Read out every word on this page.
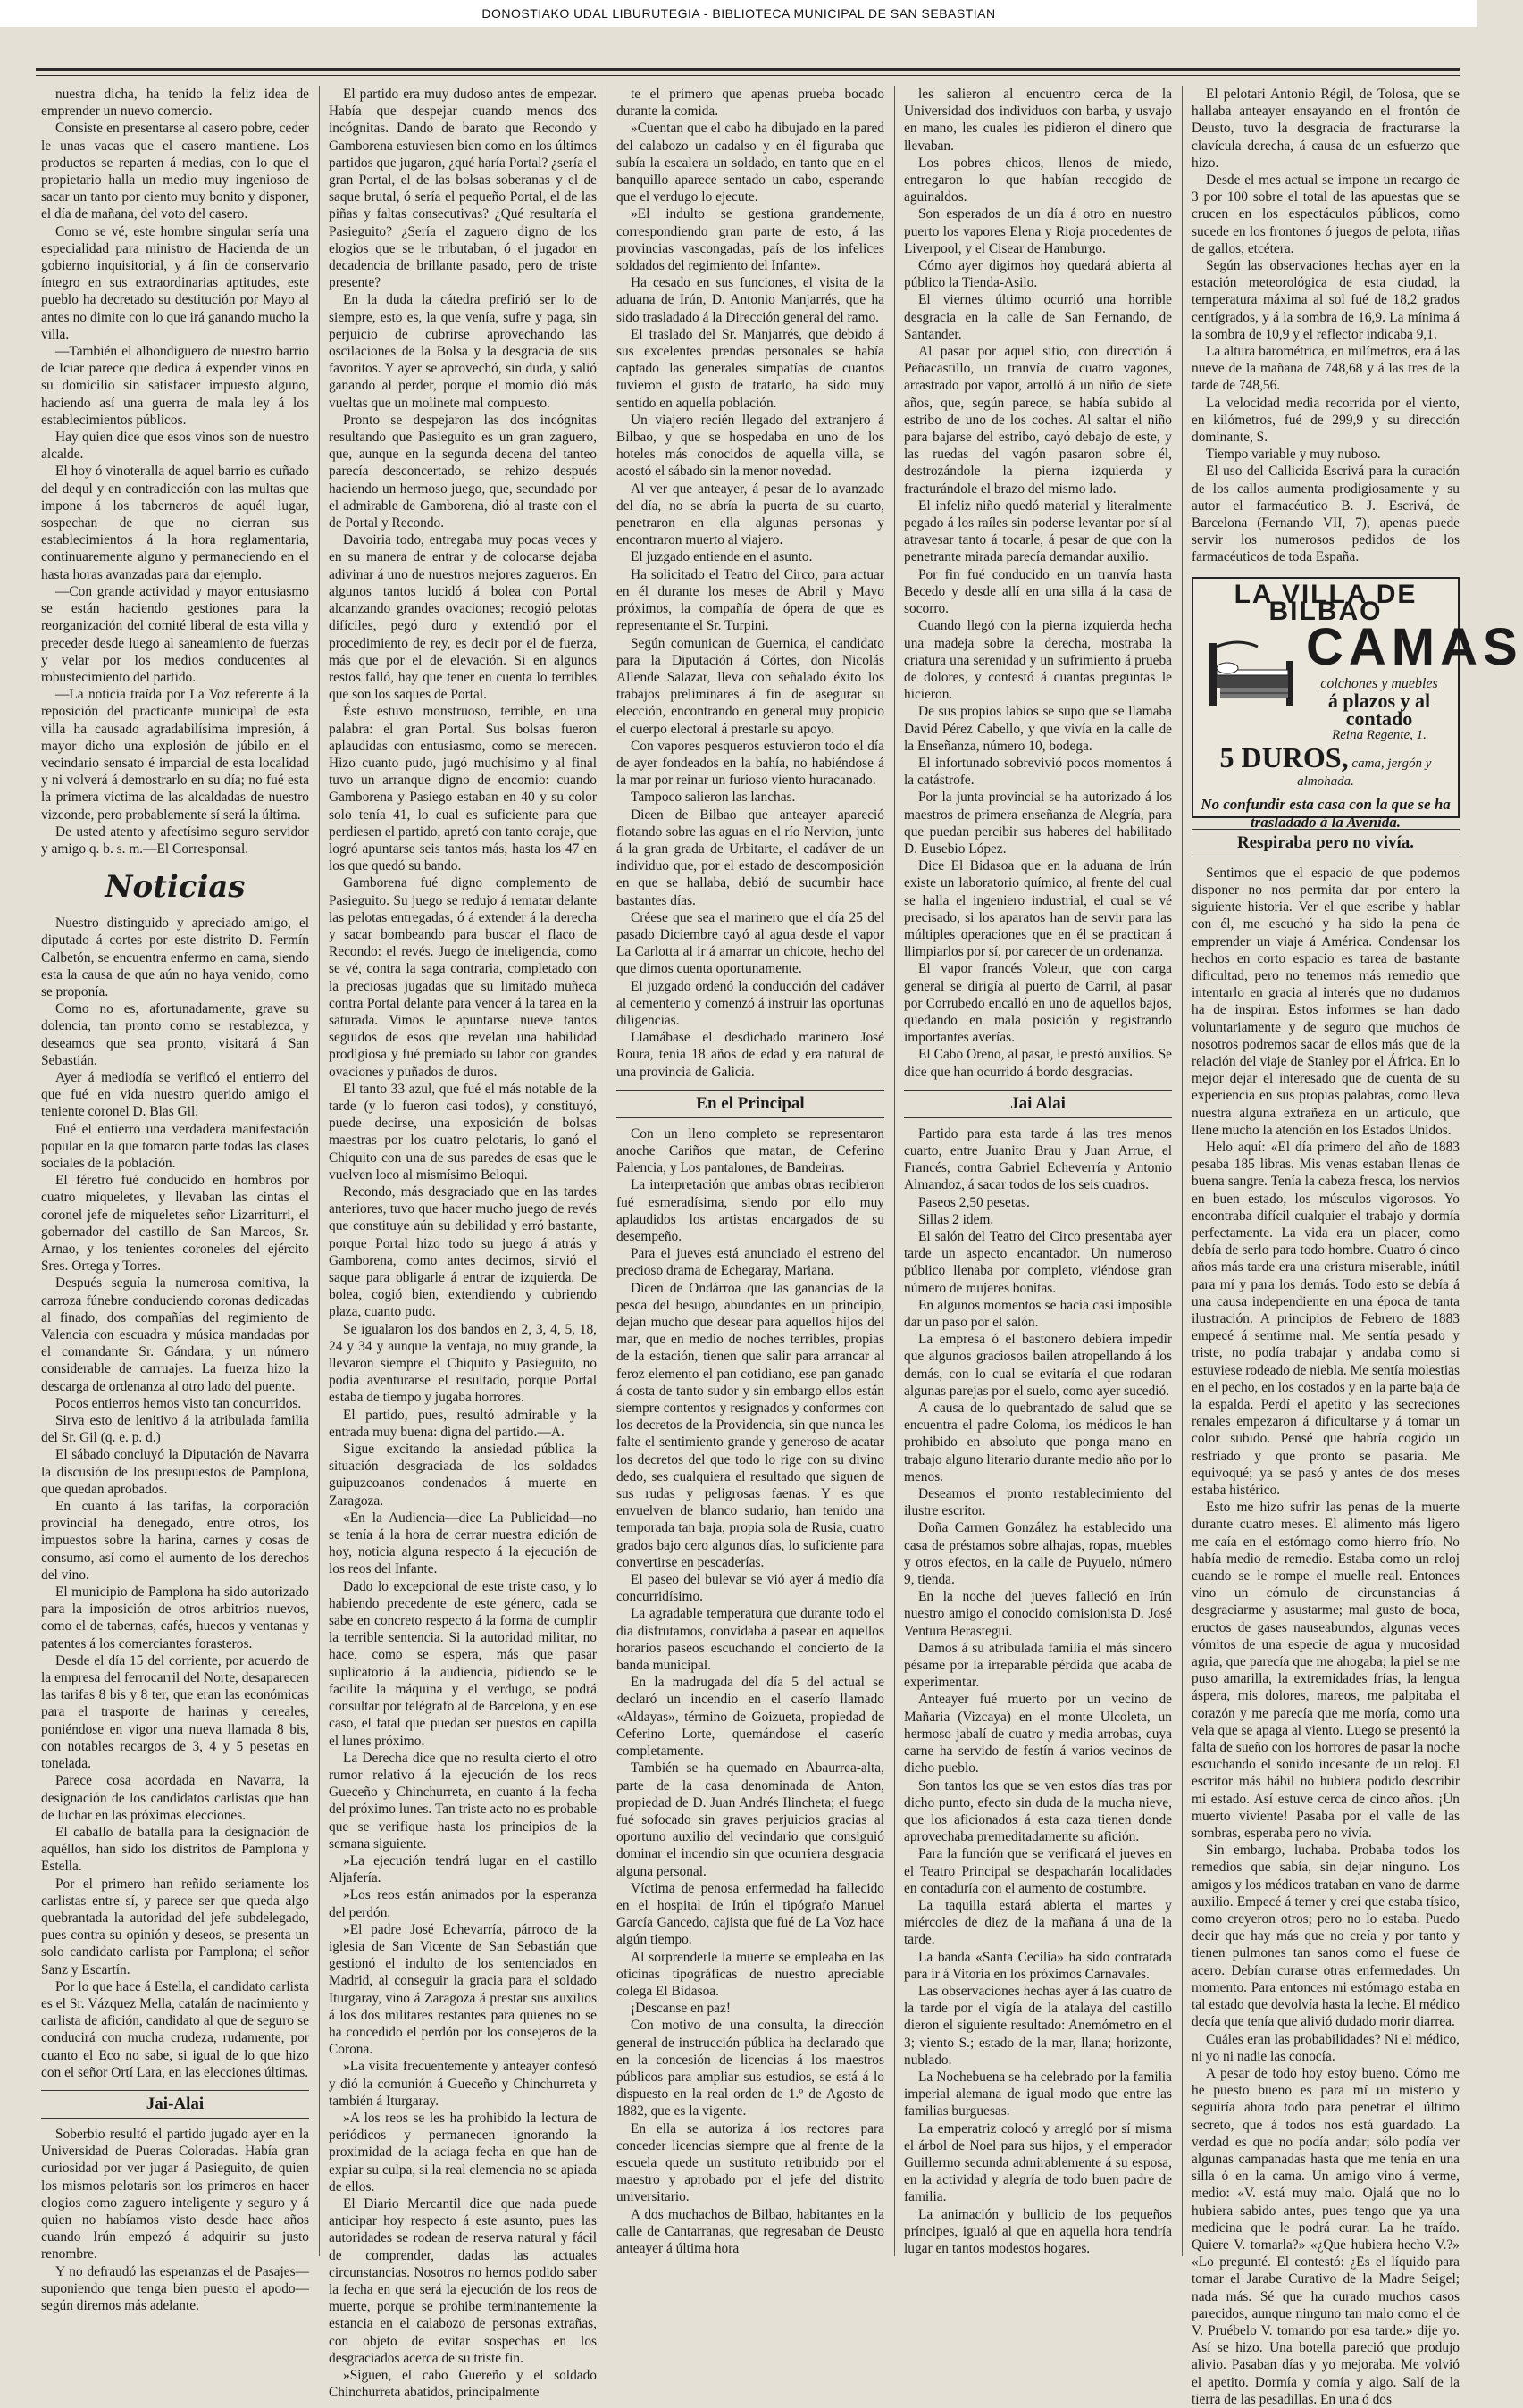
DONOSTIAKO UDAL LIBURUTEGIA - BIBLIOTECA MUNICIPAL DE SAN SEBASTIAN

nuestra dicha, ha tenido la feliz idea de emprender un nuevo comercio.

Consiste en presentarse al casero pobre, ceder le unas vacas que el casero mantiene. Los productos se reparten á medias, con lo que el propietario halla un medio muy ingenioso de sacar un tanto por ciento muy bonito y disponer, el día de mañana, del voto del casero.

Como se vé, este hombre singular sería una especialidad para ministro de Hacienda de un gobierno inquisitorial, y á fin de conservario íntegro en sus extraordinarias aptitudes, este pueblo ha decretado su destitución por Mayo al antes no dimite con lo que irá ganando mucho la villa.

—También el alhondiguero de nuestro barrio de Iciar parece que dedica á expender vinos en su domicilio sin satisfacer impuesto alguno, haciendo así una guerra de mala ley á los establecimientos públicos.

Hay quien dice que esos vinos son de nuestro alcalde.

El hoy ó vinoteralla de aquel barrio es cuñado del dequl y en contradicción con las multas que impone á los taberneros de aquél lugar, sospechan de que no cierran sus establecimientos á la hora reglamentaria, continuaremente alguno y permaneciendo en el hasta horas avanzadas para dar ejemplo.

—Con grande actividad y mayor entusiasmo se están haciendo gestiones para la reorganización del comité liberal de esta villa y preceder desde luego al saneamiento de fuerzas y velar por los medios conducentes al robustecimiento del partido.

—La noticia traída por La Voz referente á la reposición del practicante municipal de esta villa ha causado agradabilísima impresión, á mayor dicho una explosión de júbilo en el vecindario sensato é imparcial de esta localidad y ni volverá á demostrarlo en su día; no fué esta la primera victima de las alcaldadas de nuestro vizconde, pero probablemente sí será la última.

De usted atento y afectísimo seguro servidor y amigo q. b. s. m.—El Corresponsal.

Noticias

Nuestro distinguido y apreciado amigo, el diputado á cortes por este distrito D. Fermín Calbetón, se encuentra enfermo en cama, siendo esta la causa de que aún no haya venido, como se proponía.

Como no es, afortunadamente, grave su dolencia, tan pronto como se restablezca, y deseamos que sea pronto, visitará á San Sebastián.

Ayer á mediodía se verificó el entierro del que fué en vida nuestro querido amigo el teniente coronel D. Blas Gil.

Fué el entierro una verdadera manifestación popular en la que tomaron parte todas las clases sociales de la población.

El féretro fué conducido en hombros por cuatro miqueletes, y llevaban las cintas el coronel jefe de miqueletes señor Lizarriturri, el gobernador del castillo de San Marcos, Sr. Arnao, y los tenientes coroneles del ejército Sres. Ortega y Torres.

Después seguía la numerosa comitiva, la carroza fúnebre conduciendo coronas dedicadas al finado, dos compañías del regimiento de Valencia con escuadra y música mandadas por el comandante Sr. Gándara, y un número considerable de carruajes. La fuerza hizo la descarga de ordenanza al otro lado del puente.

Pocos entierros hemos visto tan concurridos.

Sirva esto de lenitivo á la atribulada familia del Sr. Gil (q. e. p. d.)

El sábado concluyó la Diputación de Navarra la discusión de los presupuestos de Pamplona, que quedan aprobados.

En cuanto á las tarifas, la corporación provincial ha denegado, entre otros, los impuestos sobre la harina, carnes y cosas de consumo, así como el aumento de los derechos del vino.

El municipio de Pamplona ha sido autorizado para la imposición de otros arbitrios nuevos, como el de tabernas, cafés, huecos y ventanas y patentes á los comerciantes forasteros.

Desde el día 15 del corriente, por acuerdo de la empresa del ferrocarril del Norte, desaparecen las tarifas 8 bis y 8 ter, que eran las económicas para el trasporte de harinas y cereales, poniéndose en vigor una nueva llamada 8 bis, con notables recargos de 3, 4 y 5 pesetas en tonelada.

Parece cosa acordada en Navarra, la designación de los candidatos carlistas que han de luchar en las próximas elecciones.

El caballo de batalla para la designación de aquéllos, han sido los distritos de Pamplona y Estella.

Por el primero han reñido seriamente los carlistas entre sí, y parece ser que queda algo quebrantada la autoridad del jefe subdelegado, pues contra su opinión y deseos, se presenta un solo candidato carlista por Pamplona; el señor Sanz y Escartín.

Por lo que hace á Estella, el candidato carlista es el Sr. Vázquez Mella, catalán de nacimiento y carlista de afición, candidato al que de seguro se conducirá con mucha crudeza, rudamente, por cuanto el Eco no sabe, si igual de lo que hizo con el señor Ortí Lara, en las elecciones últimas.

Jai-Alai

Soberbio resultó el partido jugado ayer en la Universidad de Pueras Coloradas. Había gran curiosidad por ver jugar á Pasieguito, de quien los mismos pelotaris son los primeros en hacer elogios como zaguero inteligente y seguro y á quien no habíamos visto desde hace años cuando Irún empezó á adquirir su justo renombre.

Y no defraudó las esperanzas el de Pasajes—suponiendo que tenga bien puesto el apodo—según diremos más adelante.

El partido era muy dudoso antes de empezar. Había que despejar cuando menos dos incógnitas. Dando de barato que Recondo y Gamborena estuviesen bien como en los últimos partidos que jugaron, ¿qué haría Portal? ¿sería el gran Portal, el de las bolsas soberanas y el de saque brutal, ó sería el pequeño Portal, el de las piñas y faltas consecutivas? ¿Qué resultaría el Pasieguito? ¿Sería el zaguero digno de los elogios que se le tributaban, ó el jugador en decadencia de brillante pasado, pero de triste presente?

En la duda la cátedra prefirió ser lo de siempre, esto es, la que venía, sufre y paga, sin perjuicio de cubrirse aprovechando las oscilaciones de la Bolsa y la desgracia de sus favoritos. Y ayer se aprovechó, sin duda, y salió ganando al perder, porque el momio dió más vueltas que un molinete mal compuesto.

Pronto se despejaron las dos incógnitas resultando que Pasieguito es un gran zaguero, que, aunque en la segunda decena del tanteo parecía desconcertado, se rehizo después haciendo un hermoso juego, que, secundado por el admirable de Gamborena, dió al traste con el de Portal y Recondo.

Davoiria todo, entregaba muy pocas veces y en su manera de entrar y de colocarse dejaba adivinar á uno de nuestros mejores zagueros. En algunos tantos lucidó á bolea con Portal alcanzando grandes ovaciones; recogió pelotas difíciles, pegó duro y extendió por el procedimiento de rey, es decir por el de fuerza, más que por el de elevación. Si en algunos restos falló, hay que tener en cuenta lo terribles que son los saques de Portal.

Éste estuvo monstruoso, terrible, en una palabra: el gran Portal. Sus bolsas fueron aplaudidas con entusiasmo, como se merecen. Hizo cuanto pudo, jugó muchísimo y al final tuvo un arranque digno de encomio: cuando Gamborena y Pasiego estaban en 40 y su color solo tenía 41, lo cual es suficiente para que perdiesen el partido, apretó con tanto coraje, que logró apuntarse seis tantos más, hasta los 47 en los que quedó su bando.

Gamborena fué digno complemento de Pasieguito. Su juego se redujo á rematar delante las pelotas entregadas, ó á extender á la derecha y sacar bombeando para buscar el flaco de Recondo: el revés. Juego de inteligencia, como se vé, contra la saga contraria, completado con la preciosas jugadas que su limitado muñeca contra Portal delante para vencer á la tarea en la saturada. Vimos le apuntarse nueve tantos seguidos de esos que revelan una habilidad prodigiosa y fué premiado su labor con grandes ovaciones y puñados de duros.

El tanto 33 azul, que fué el más notable de la tarde (y lo fueron casi todos), y constituyó, puede decirse, una exposición de bolsas maestras por los cuatro pelotaris, lo ganó el Chiquito con una de sus paredes de esas que le vuelven loco al mismísimo Beloqui.

Recondo, más desgraciado que en las tardes anteriores, tuvo que hacer mucho juego de revés que constituye aún su debilidad y erró bastante, porque Portal hizo todo su juego á atrás y Gamborena, como antes decimos, sirvió el saque para obligarle á entrar de izquierda. De bolea, cogió bien, extendiendo y cubriendo plaza, cuanto pudo.

Se igualaron los dos bandos en 2, 3, 4, 5, 18, 24 y 34 y aunque la ventaja, no muy grande, la llevaron siempre el Chiquito y Pasieguito, no podía aventurarse el resultado, porque Portal estaba de tiempo y jugaba horrores.

El partido, pues, resultó admirable y la entrada muy buena: digna del partido.—A.

Sigue excitando la ansiedad pública la situación desgraciada de los soldados guipuzcoanos condenados á muerte en Zaragoza.

«En la Audiencia—dice La Publicidad—no se tenía á la hora de cerrar nuestra edición de hoy, noticia alguna respecto á la ejecución de los reos del Infante.

Dado lo excepcional de este triste caso, y lo habiendo precedente de este género, cada se sabe en concreto respecto á la forma de cumplir la terrible sentencia. Si la autoridad militar, no hace, como se espera, más que pasar suplicatorio á la audiencia, pidiendo se le facilite la máquina y el verdugo, se podrá consultar por telégrafo al de Barcelona, y en ese caso, el fatal que puedan ser puestos en capilla el lunes próximo.

La Derecha dice que no resulta cierto el otro rumor relativo á la ejecución de los reos Gueceño y Chinchurreta, en cuanto á la fecha del próximo lunes. Tan triste acto no es probable que se verifique hasta los principios de la semana siguiente.

»La ejecución tendrá lugar en el castillo Aljafería.

»Los reos están animados por la esperanza del perdón.

»El padre José Echevarría, párroco de la iglesia de San Vicente de San Sebastián que gestionó el indulto de los sentenciados en Madrid, al conseguir la gracia para el soldado Iturgaray, vino á Zaragoza á prestar sus auxilios á los dos militares restantes para quienes no se ha concedido el perdón por los consejeros de la Corona.

»La visita frecuentemente y anteayer confesó y dió la comunión á Gueceño y Chinchurreta y también á Iturgaray.

»A los reos se les ha prohibido la lectura de periódicos y permanecen ignorando la proximidad de la aciaga fecha en que han de expiar su culpa, si la real clemencia no se apiada de ellos.

El Diario Mercantil dice que nada puede anticipar hoy respecto á este asunto, pues las autoridades se rodean de reserva natural y fácil de comprender, dadas las actuales circunstancias. Nosotros no hemos podido saber la fecha en que será la ejecución de los reos de muerte, porque se prohibe terminantemente la estancia en el calabozo de personas extrañas, con objeto de evitar sospechas en los desgraciados acerca de su triste fin.

»Siguen, el cabo Guereño y el soldado Chinchurreta abatidos, principalmente

te el primero que apenas prueba bocado durante la comida.

»Cuentan que el cabo ha dibujado en la pared del calabozo un cadalso y en él figuraba que subía la escalera un soldado, en tanto que en el banquillo aparece sentado un cabo, esperando que el verdugo lo ejecute.

»El indulto se gestiona grandemente, correspondiendo gran parte de esto, á las provincias vascongadas, país de los infelices soldados del regimiento del Infante».

Ha cesado en sus funciones, el visita de la aduana de Irún, D. Antonio Manjarrés, que ha sido trasladado á la Dirección general del ramo.

El traslado del Sr. Manjarrés, que debido á sus excelentes prendas personales se había captado las generales simpatías de cuantos tuvieron el gusto de tratarlo, ha sido muy sentido en aquella población.

Un viajero recién llegado del extranjero á Bilbao, y que se hospedaba en uno de los hoteles más conocidos de aquella villa, se acostó el sábado sin la menor novedad.

Al ver que anteayer, á pesar de lo avanzado del día, no se abría la puerta de su cuarto, penetraron en ella algunas personas y encontraron muerto al viajero.

El juzgado entiende en el asunto.

Ha solicitado el Teatro del Circo, para actuar en él durante los meses de Abril y Mayo próximos, la compañía de ópera de que es representante el Sr. Turpini.

Según comunican de Guernica, el candidato para la Diputación á Córtes, don Nicolás Allende Salazar, lleva con señalado éxito los trabajos preliminares á fin de asegurar su elección, encontrando en general muy propicio el cuerpo electoral á prestarle su apoyo.

Con vapores pesqueros estuvieron todo el día de ayer fondeados en la bahía, no habiéndose á la mar por reinar un furioso viento huracanado.

Tampoco salieron las lanchas.

Dicen de Bilbao que anteayer apareció flotando sobre las aguas en el río Nervion, junto á la gran grada de Urbitarte, el cadáver de un individuo que, por el estado de descomposición en que se hallaba, debió de sucumbir hace bastantes días.

Créese que sea el marinero que el día 25 del pasado Diciembre cayó al agua desde el vapor La Carlotta al ir á amarrar un chicote, hecho del que dimos cuenta oportunamente.

El juzgado ordenó la conducción del cadáver al cementerio y comenzó á instruir las oportunas diligencias.

Llamábase el desdichado marinero José Roura, tenía 18 años de edad y era natural de una provincia de Galicia.

En el Principal

Con un lleno completo se representaron anoche Cariños que matan, de Ceferino Palencia, y Los pantalones, de Bandeiras.

La interpretación que ambas obras recibieron fué esmeradísima, siendo por ello muy aplaudidos los artistas encargados de su desempeño.

Para el jueves está anunciado el estreno del precioso drama de Echegaray, Mariana.

Dicen de Ondárroa que las ganancias de la pesca del besugo, abundantes en un principio, dejan mucho que desear para aquellos hijos del mar, que en medio de noches terribles, propias de la estación, tienen que salir para arrancar al feroz elemento el pan cotidiano, ese pan ganado á costa de tanto sudor y sin embargo ellos están siempre contentos y resignados y conformes con los decretos de la Providencia, sin que nunca les falte el sentimiento grande y generoso de acatar los decretos del que todo lo rige con su divino dedo, ses cualquiera el resultado que siguen de sus rudas y peligrosas faenas. Y es que envuelven de blanco sudario, han tenido una temporada tan baja, propia sola de Rusia, cuatro grados bajo cero algunos días, lo suficiente para convertirse en pescaderías.

El paseo del bulevar se vió ayer á medio día concurridísimo.

La agradable temperatura que durante todo el día disfrutamos, convidaba á pasear en aquellos horarios paseos escuchando el concierto de la banda municipal.

En la madrugada del día 5 del actual se declaró un incendio en el caserío llamado «Aldayas», término de Goizueta, propiedad de Ceferino Lorte, quemándose el caserío completamente.

También se ha quemado en Abaurrea-alta, parte de la casa denominada de Anton, propiedad de D. Juan Andrés Ilincheta; el fuego fué sofocado sin graves perjuicios gracias al oportuno auxilio del vecindario que consiguió dominar el incendio sin que ocurriera desgracia alguna personal.

Víctima de penosa enfermedad ha fallecido en el hospital de Irún el tipógrafo Manuel García Gancedo, cajista que fué de La Voz hace algún tiempo.

Al sorprenderle la muerte se empleaba en las oficinas tipográficas de nuestro apreciable colega El Bidasoa.

¡Descanse en paz!

Con motivo de una consulta, la dirección general de instrucción pública ha declarado que en la concesión de licencias á los maestros públicos para ampliar sus estudios, se está á lo dispuesto en la real orden de 1.º de Agosto de 1882, que es la vigente.

En ella se autoriza á los rectores para conceder licencias siempre que al frente de la escuela quede un sustituto retribuido por el maestro y aprobado por el jefe del distrito universitario.

A dos muchachos de Bilbao, habitantes en la calle de Cantarranas, que regresaban de Deusto anteayer á última hora

les salieron al encuentro cerca de la Universidad dos individuos con barba, y usvajo en mano, les cuales les pidieron el dinero que llevaban.

Los pobres chicos, llenos de miedo, entregaron lo que habían recogido de aguinaldos.

Son esperados de un día á otro en nuestro puerto los vapores Elena y Rioja procedentes de Liverpool, y el Cisear de Hamburgo.

Cómo ayer digimos hoy quedará abierta al público la Tienda-Asilo.

El viernes último ocurrió una horrible desgracia en la calle de San Fernando, de Santander.

Al pasar por aquel sitio, con dirección á Peñacastillo, un tranvía de cuatro vagones, arrastrado por vapor, arrolló á un niño de siete años, que, según parece, se había subido al estribo de uno de los coches. Al saltar el niño para bajarse del estribo, cayó debajo de este, y las ruedas del vagón pasaron sobre él, destrozándole la pierna izquierda y fracturándole el brazo del mismo lado.

El infeliz niño quedó material y literalmente pegado á los raíles sin poderse levantar por sí al atravesar tanto á tocarle, á pesar de que con la penetrante mirada parecía demandar auxilio.

Por fin fué conducido en un tranvía hasta Becedo y desde allí en una silla á la casa de socorro.

Cuando llegó con la pierna izquierda hecha una madeja sobre la derecha, mostraba la criatura una serenidad y un sufrimiento á prueba de dolores, y contestó á cuantas preguntas le hicieron.

De sus propios labios se supo que se llamaba David Pérez Cabello, y que vivía en la calle de la Enseñanza, número 10, bodega.

El infortunado sobrevivió pocos momentos á la catástrofe.

Por la junta provincial se ha autorizado á los maestros de primera enseñanza de Alegría, para que puedan percibir sus haberes del habilitado D. Eusebio López.

Dice El Bidasoa que en la aduana de Irún existe un laboratorio químico, al frente del cual se halla el ingeniero industrial, el cual se vé precisado, si los aparatos han de servir para las múltiples operaciones que en él se practican á llimpiarlos por sí, por carecer de un ordenanza.

El vapor francés Voleur, que con carga general se dirigía al puerto de Carril, al pasar por Corrubedo encalló en uno de aquellos bajos, quedando en mala posición y registrando importantes averías.

El Cabo Oreno, al pasar, le prestó auxilios. Se dice que han ocurrido á bordo desgracias.

Jai Alai

Partido para esta tarde á las tres menos cuarto, entre Juanito Brau y Juan Arrue, el Francés, contra Gabriel Echeverría y Antonio Almandoz, á sacar todos de los seis cuadros.

Paseos 2,50 pesetas.

Sillas 2 idem.

El salón del Teatro del Circo presentaba ayer tarde un aspecto encantador. Un numeroso público llenaba por completo, viéndose gran número de mujeres bonitas.

En algunos momentos se hacía casi imposible dar un paso por el salón.

La empresa ó el bastonero debiera impedir que algunos graciosos bailen atropellando á los demás, con lo cual se evitaría el que rodaran algunas parejas por el suelo, como ayer sucedió.

A causa de lo quebrantado de salud que se encuentra el padre Coloma, los médicos le han prohibido en absoluto que ponga mano en trabajo alguno literario durante medio año por lo menos.

Deseamos el pronto restablecimiento del ilustre escritor.

Doña Carmen González ha establecido una casa de préstamos sobre alhajas, ropas, muebles y otros efectos, en la calle de Puyuelo, número 9, tienda.

En la noche del jueves falleció en Irún nuestro amigo el conocido comisionista D. José Ventura Berastegui.

Damos á su atribulada familia el más sincero pésame por la irreparable pérdida que acaba de experimentar.

Anteayer fué muerto por un vecino de Mañaria (Vizcaya) en el monte Ulcoleta, un hermoso jabalí de cuatro y media arrobas, cuya carne ha servido de festín á varios vecinos de dicho pueblo.

Son tantos los que se ven estos días tras por dicho punto, efecto sin duda de la mucha nieve, que los aficionados á esta caza tienen donde aprovechaba premeditadamente su afición.

Para la función que se verificará el jueves en el Teatro Principal se despacharán localidades en contaduría con el aumento de costumbre.

La taquilla estará abierta el martes y miércoles de diez de la mañana á una de la tarde.

La banda «Santa Cecilia» ha sido contratada para ir á Vitoria en los próximos Carnavales.

Las observaciones hechas ayer á las cuatro de la tarde por el vigía de la atalaya del castillo dieron el siguiente resultado: Anemómetro en el 3; viento S.; estado de la mar, llana; horizonte, nublado.

La Nochebuena se ha celebrado por la familia imperial alemana de igual modo que entre las familias burguesas.

La emperatriz colocó y arregló por sí misma el árbol de Noel para sus hijos, y el emperador Guillermo secunda admirablemente á su esposa, en la actividad y alegría de todo buen padre de familia.

La animación y bullicio de los pequeños príncipes, igualó al que en aquella hora tendría lugar en tantos modestos hogares.

El pelotari Antonio Régil, de Tolosa, que se hallaba anteayer ensayando en el frontón de Deusto, tuvo la desgracia de fracturarse la clavícula derecha, á causa de un esfuerzo que hizo.

Desde el mes actual se impone un recargo de 3 por 100 sobre el total de las apuestas que se crucen en los espectáculos públicos, como sucede en los frontones ó juegos de pelota, riñas de gallos, etcétera.

Según las observaciones hechas ayer en la estación meteorológica de esta ciudad, la temperatura máxima al sol fué de 18,2 grados centígrados, y á la sombra de 16,9. La mínima á la sombra de 10,9 y el reflector indicaba 9,1.

La altura barométrica, en milímetros, era á las nueve de la mañana de 748,68 y á las tres de la tarde de 748,56.

La velocidad media recorrida por el viento, en kilómetros, fué de 299,9 y su dirección dominante, S.

Tiempo variable y muy nuboso.

El uso del Callicida Escrivá para la curación de los callos aumenta prodigiosamente y su autor el farmacéutico B. J. Escrivá, de Barcelona (Fernando VII, 7), apenas puede servir los numerosos pedidos de los farmacéuticos de toda España.

LA VILLA DE BILBAO
CAMAS
colchones y muebles
á plazos y al contado
Reina Regente, 1.
5 DUROS, cama, jergón y almohada.
No confundir esta casa con la que se ha trasladado á la Avenida.
Respiraba pero no vivía.

Sentimos que el espacio de que podemos disponer no nos permita dar por entero la siguiente historia. Ver el que escribe y hablar con él, me escuchó y ha sido la pena de emprender un viaje á América. Condensar los hechos en corto espacio es tarea de bastante dificultad, pero no tenemos más remedio que intentarlo en gracia al interés que no dudamos ha de inspirar. Estos informes se han dado voluntariamente y de seguro que muchos de nosotros podremos sacar de ellos más que de la relación del viaje de Stanley por el África. En lo mejor dejar el interesado que de cuenta de su experiencia en sus propias palabras, como lleva nuestra alguna extrañeza en un artículo, que llene mucho la atención en los Estados Unidos.

Helo aquí: «El día primero del año de 1883 pesaba 185 libras. Mis venas estaban llenas de buena sangre. Tenía la cabeza fresca, los nervios en buen estado, los músculos vigorosos. Yo encontraba difícil cualquier el trabajo y dormía perfectamente. La vida era un placer, como debía de serlo para todo hombre. Cuatro ó cinco años más tarde era una cristura miserable, inútil para mí y para los demás. Todo esto se debía á una causa independiente en una época de tanta ilustración. A principios de Febrero de 1883 empecé á sentirme mal. Me sentía pesado y triste, no podía trabajar y andaba como si estuviese rodeado de niebla. Me sentía molestias en el pecho, en los costados y en la parte baja de la espalda. Perdí el apetito y las secreciones renales empezaron á dificultarse y á tomar un color subido. Pensé que habría cogido un resfriado y que pronto se pasaría. Me equivoqué; ya se pasó y antes de dos meses estaba histérico.

Esto me hizo sufrir las penas de la muerte durante cuatro meses. El alimento más ligero me caía en el estómago como hierro frío. No había medio de remedio. Estaba como un reloj cuando se le rompe el muelle real. Entonces vino un cómulo de circunstancias á desgraciarme y asustarme; mal gusto de boca, eructos de gases nauseabundos, algunas veces vómitos de una especie de agua y mucosidad agria, que parecía que me ahogaba; la piel se me puso amarilla, la extremidades frías, la lengua áspera, mis dolores, mareos, me palpitaba el corazón y me parecía que me moría, como una vela que se apaga al viento. Luego se presentó la falta de sueño con los horrores de pasar la noche escuchando el sonido incesante de un reloj. El escritor más hábil no hubiera podido describir mi estado. Así estuve cerca de cinco años. ¡Un muerto viviente! Pasaba por el valle de las sombras, esperaba pero no vivía.

Sin embargo, luchaba. Probaba todos los remedios que sabía, sin dejar ninguno. Los amigos y los médicos trataban en vano de darme auxilio. Empecé á temer y creí que estaba tísico, como creyeron otros; pero no lo estaba. Puedo decir que hay más que no creía y por tanto y tienen pulmones tan sanos como el fuese de acero. Debían curarse otras enfermedades. Un momento. Para entonces mi estómago estaba en tal estado que devolvía hasta la leche. El médico decía que tenía que alivió dudado morir diarrea.

Cuáles eran las probabilidades? Ni el médico, ni yo ni nadie las conocía.

A pesar de todo hoy estoy bueno. Cómo me he puesto bueno es para mí un misterio y seguiría ahora todo para penetrar el último secreto, que á todos nos está guardado. La verdad es que no podía andar; sólo podía ver algunas campanadas hasta que me tenía en una silla ó en la cama. Un amigo vino á verme, medio: «V. está muy malo. Ojalá que no lo hubiera sabido antes, pues tengo que ya una medicina que le podrá curar. La he traído. Quiere V. tomarla?» «¿Que hubiera hecho V.?» «Lo pregunté. El contestó: ¿Es el líquido para tomar el Jarabe Curativo de la Madre Seigel; nada más. Sé que ha curado muchos casos parecidos, aunque ninguno tan malo como el de V. Pruébelo V. tomando por esa tarde.» dije yo. Así se hizo. Una botella pareció que produjo alivio. Pasaban días y yo mejoraba. Me volvió el apetito. Dormía y comía y algo. Salí de la tierra de las pesadillas. En una ó dos
